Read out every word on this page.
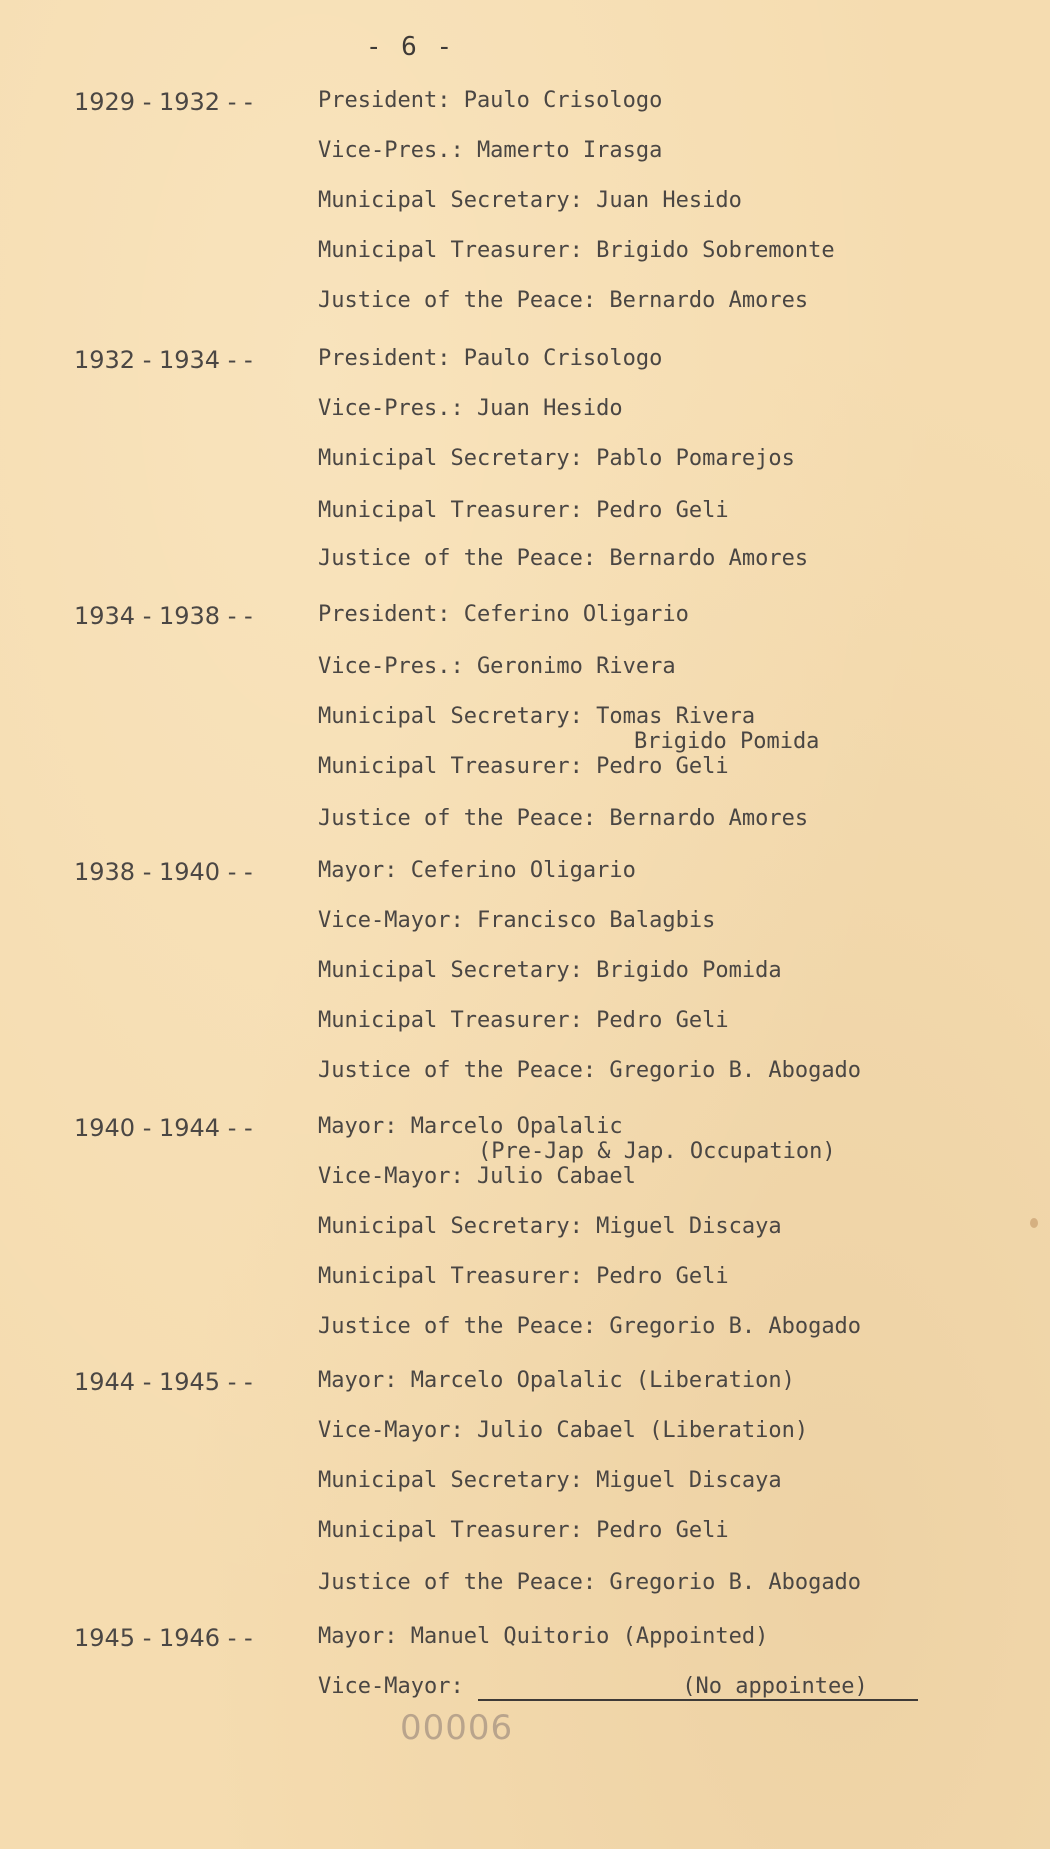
- 6 -
1929 - 1932 - -	President: Paulo Crisologo
Vice-Pres.: Mamerto Irasga
Municipal Secretary: Juan Hesido
Municipal Treasurer: Brigido Sobremonte
Justice of the Peace: Bernardo Amores
1932 - 1934 - -	President: Paulo Crisologo
Vice-Pres.: Juan Hesido
Municipal Secretary: Pablo Pomarejos
Municipal Treasurer: Pedro Geli
Justice of the Peace: Bernardo Amores
1934 - 1938 - -	President: Ceferino Oligario
Vice-Pres.: Geronimo Rivera
Municipal Secretary: Tomas Rivera
Brigido Pomida
Municipal Treasurer: Pedro Geli
Justice of the Peace: Bernardo Amores
1938 - 1940 - -	Mayor: Ceferino Oligario
Vice-Mayor: Francisco Balagbis
Municipal Secretary: Brigido Pomida
Municipal Treasurer: Pedro Geli
Justice of the Peace: Gregorio B. Abogado
1940 - 1944 - -	Mayor: Marcelo Opalalic
(Pre-Jap & Jap. Occupation)
Vice-Mayor: Julio Cabael
Municipal Secretary: Miguel Discaya
Municipal Treasurer: Pedro Geli
Justice of the Peace: Gregorio B. Abogado
1944 - 1945 - -	Mayor: Marcelo Opalalic (Liberation)
Vice-Mayor: Julio Cabael (Liberation)
Municipal Secretary: Miguel Discaya
Municipal Treasurer: Pedro Geli
Justice of the Peace: Gregorio B. Abogado
1945 - 1946 - -	Mayor: Manuel Quitorio (Appointed)
Vice-Mayor:	(No appointee)
00006
